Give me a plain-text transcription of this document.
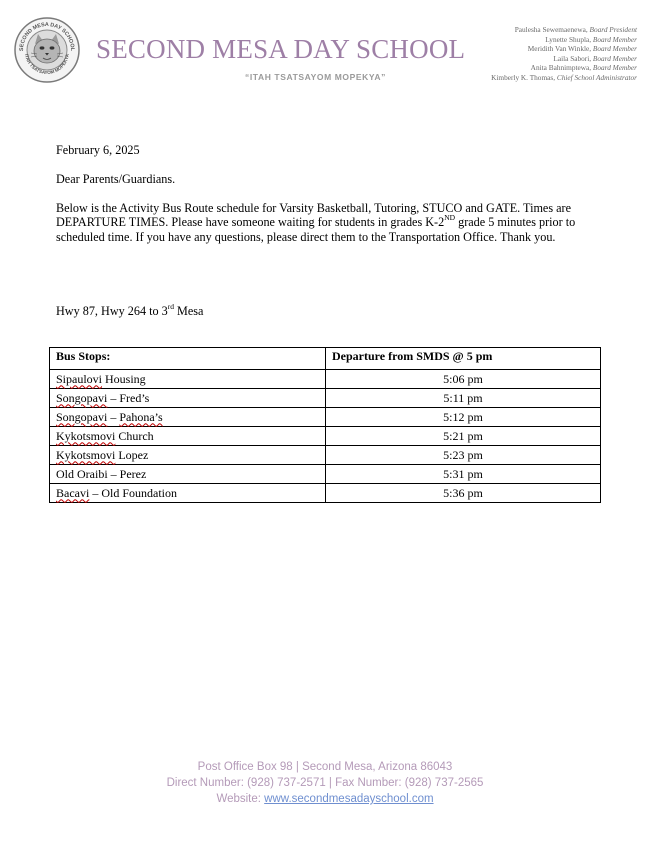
SECOND MESA DAY SCHOOL
ITAH TSATSAYOM MOPEKYA SECOND MESA DAY SCHOOL
“ITAH TSATSAYOM MOPEKYA”
Paulesha Sewemaenewa, Board President
Lynette Shupla, Board Member
Meridith Van Winkle, Board Member
Laila Sabori, Board Member
Anita Bahnimptewa, Board Member
Kimberly K. Thomas, Chief School Administrator
February 6, 2025
Dear Parents/Guardians.
Below is the Activity Bus Route schedule for Varsity Basketball, Tutoring, STUCO and GATE. Times are DEPARTURE TIMES. Please have someone waiting for students in grades K-2ND grade 5 minutes prior to scheduled time. If you have any questions, please direct them to the Transportation Office. Thank you.
Hwy 87, Hwy 264 to 3rd Mesa
Bus Stops:	Departure from SMDS @ 5 pm
Sipaulovi Housing	5:06 pm
Songopavi – Fred’s	5:11 pm
Songopavi – Pahona’s	5:12 pm
Kykotsmovi Church	5:21 pm
Kykotsmovi Lopez	5:23 pm
Old Oraibi – Perez	5:31 pm
Bacavi – Old Foundation	5:36 pm
Post Office Box 98 | Second Mesa, Arizona 86043
Direct Number: (928) 737-2571 | Fax Number: (928) 737-2565
Website: www.secondmesadayschool.com
